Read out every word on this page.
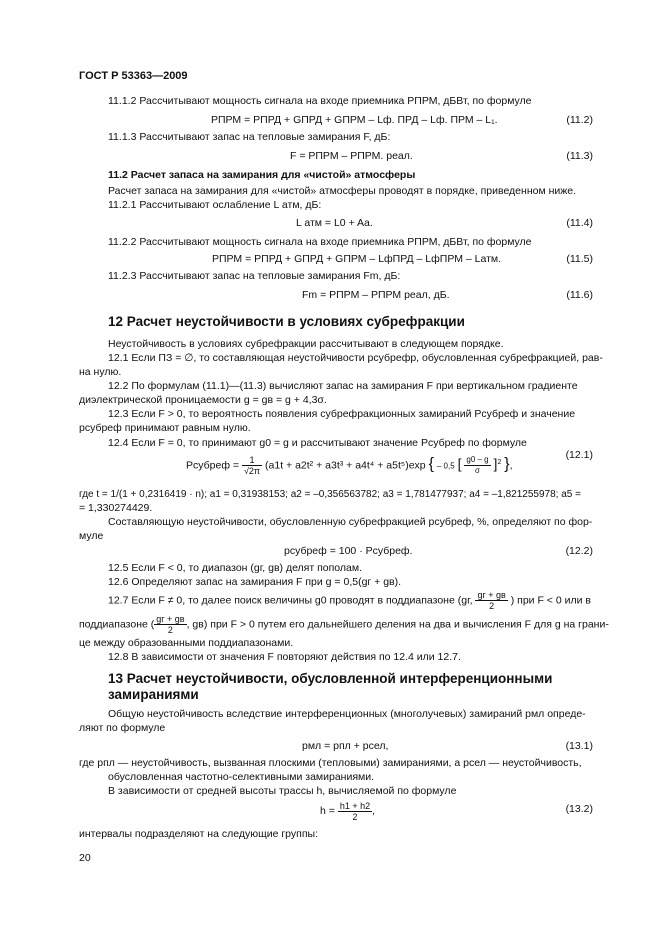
ГОСТ Р 53363—2009
11.1.2 Рассчитывают мощность сигнала на входе приемника PПРМ, дБВт, по формуле
PПРМ = PПРД + GПРД + GПРМ – Lф. ПРД – Lф. ПРМ – L₁.	(11.2)
11.1.3 Рассчитывают запас на тепловые замирания F, дБ:
F = PПРМ – PПРМ. реал.	(11.3)
11.2 Расчет запаса на замирания для «чистой» атмосферы
Расчет запаса на замирания для «чистой» атмосферы проводят в порядке, приведенном ниже.
11.2.1 Рассчитывают ослабление L атм, дБ:
L атм = L0 + Aa.	(11.4)
11.2.2 Рассчитывают мощность сигнала на входе приемника PПРМ, дБВт, по формуле
PПРМ = PПРД + GПРД + GПРМ – LфПРД – LфПРМ – Lатм.	(11.5)
11.2.3 Рассчитывают запас на тепловые замирания Fm, дБ:
Fm = PПРМ – PПРМ реал, дБ.	(11.6)
12 Расчет неустойчивости в условиях субрефракции
Неустойчивость в условиях субрефракции рассчитывают в следующем порядке.
12.1 Если ПЗ = ∅, то составляющая неустойчивости pсубрефр, обусловленная субрефракцией, рав-
на нулю.
12.2 По формулам (11.1)—(11.3) вычисляют запас на замирания F при вертикальном градиенте
диэлектрической проницаемости g = gв = g + 4,3σ.
12.3 Если F > 0, то вероятность появления субрефракционных замираний Pсубреф и значение
pсубреф принимают равным нулю.
12.4 Если F = 0, то принимают g0 = g и рассчитывают значение Pсубреф по формуле
Pсубреф = $\frac{1}{√2\pi} (a1t + a2t^2 + a3t^3 + a4t^4 + a5t^5)\exp$ { – 0,5 [ $\frac{g0 - g}{\sigma} ]^2$ },
(12.1)
где t = 1/(1 + 0,2316419 · n); a1 = 0,31938153; a2 = –0,356563782; a3 = 1,781477937; a4 = –1,821255978; a5 =
= 1,330274429.
Составляющую неустойчивости, обусловленную субрефракцией pсубреф, %, определяют по фор-
муле
pсубреф = 100 · Pсубреф.	(12.2)
12.5 Если F < 0, то диапазон (gг, gв) делят пополам.
12.6 Определяют запас на замирания F при g = 0,5(gг + gв).
12.7 Если F ≠ 0, то далее поиск величины g0 проводят в поддиапазоне (gг, $\frac{gг + gв}{2}$ ) при F < 0 или в
поддиапазоне ( $\frac{gг + gв}{2}$ , gв) при F > 0 путем его дальнейшего деления на два и вычисления F для g на грани-
це между образованными поддиапазонами.
12.8 В зависимости от значения F повторяют действия по 12.4 или 12.7.
13 Расчет неустойчивости, обусловленной интерференционными
замираниями
Общую неустойчивость вследствие интерференционных (многолучевых) замираний pмл опреде-
ляют по формуле
pмл = pпл + pсел,	(13.1)
где pпл — неустойчивость, вызванная плоскими (тепловыми) замираниями, а pсел — неустойчивость,
обусловленная частотно-селективными замираниями.
В зависимости от средней высоты трассы h, вычисляемой по формуле
$h = \frac{h1 + h2}{2}$ ,	(13.2)
интервалы подразделяют на следующие группы:
20
